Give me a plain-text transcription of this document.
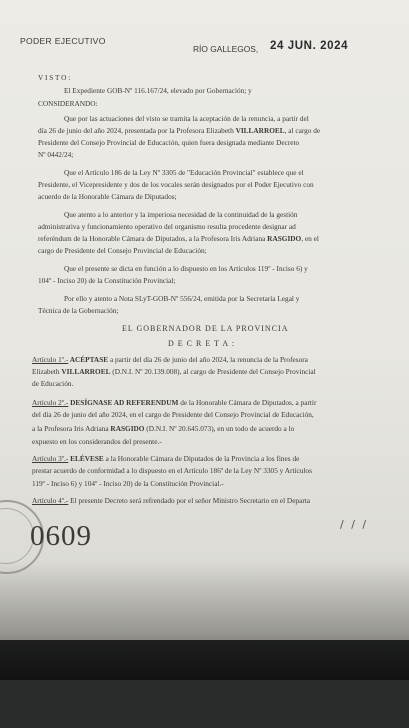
PODER EJECUTIVO
RÍO GALLEGOS, 24 JUN. 2024
V I S T O :
El Expediente GOB-Nº 116.167/24, elevado por Gobernación; y
CONSIDERANDO:
Que por las actuaciones del visto se tramita la aceptación de la renuncia, a partir del
día 26 de junio del año 2024, presentada por la Profesora Elizabeth VILLARROEL, al cargo de
Presidente del Consejo Provincial de Educación, quien fuera designada mediante Decreto
Nº 0442/24;
Que el Artículo 186 de la Ley Nº 3305 de "Educación Provincial" establece que el
Presidente, el Vicepresidente y dos de los vocales serán designados por el Poder Ejecutivo con
acuerdo de la Honorable Cámara de Diputados;
Que atento a lo anterior y la imperiosa necesidad de la continuidad de la gestión
administrativa y funcionamiento operativo del organismo resulta procedente designar ad
referéndum de la Honorable Cámara de Diputados, a la Profesora Iris Adriana RASGIDO, en el
cargo de Presidente del Consejo Provincial de Educación;
Que el presente se dicta en función a lo dispuesto en los Artículos 119º - Inciso 6) y
104º - Inciso 20) de la Constitución Provincial;
Por ello y atento a Nota SLyT-GOB-Nº 556/24, emitida por la Secretaría Legal y
Técnica de la Gobernación;
EL GOBERNADOR DE LA PROVINCIA
D E C R E T A :
Artículo 1º.- ACÉPTASE a partir del día 26 de junio del año 2024, la renuncia de la Profesora
Elizabeth VILLARROEL (D.N.I. Nº 20.139.008), al cargo de Presidente del Consejo Provincial
de Educación.
Artículo 2º.- DESÍGNASE AD REFERENDUM de la Honorable Cámara de Diputados, a partir
del día 26 de junio del año 2024, en el cargo de Presidente del Consejo Provincial de Educación,
a la Profesora Iris Adriana RASGIDO (D.N.I. Nº 20.645.073), en un todo de acuerdo a lo
expuesto en los considerandos del presente.-
Artículo 3º.- ELÉVESE a la Honorable Cámara de Diputados de la Provincia a los fines de
prestar acuerdo de conformidad a lo dispuesto en el Artículo 186º de la Ley Nº 3305 y Artículos
119º - Inciso 6) y 104º - Inciso 20) de la Constitución Provincial.-
Artículo 4º.- El presente Decreto será refrendado por el señor Ministro Secretario en el Departa
/ / /
0609
